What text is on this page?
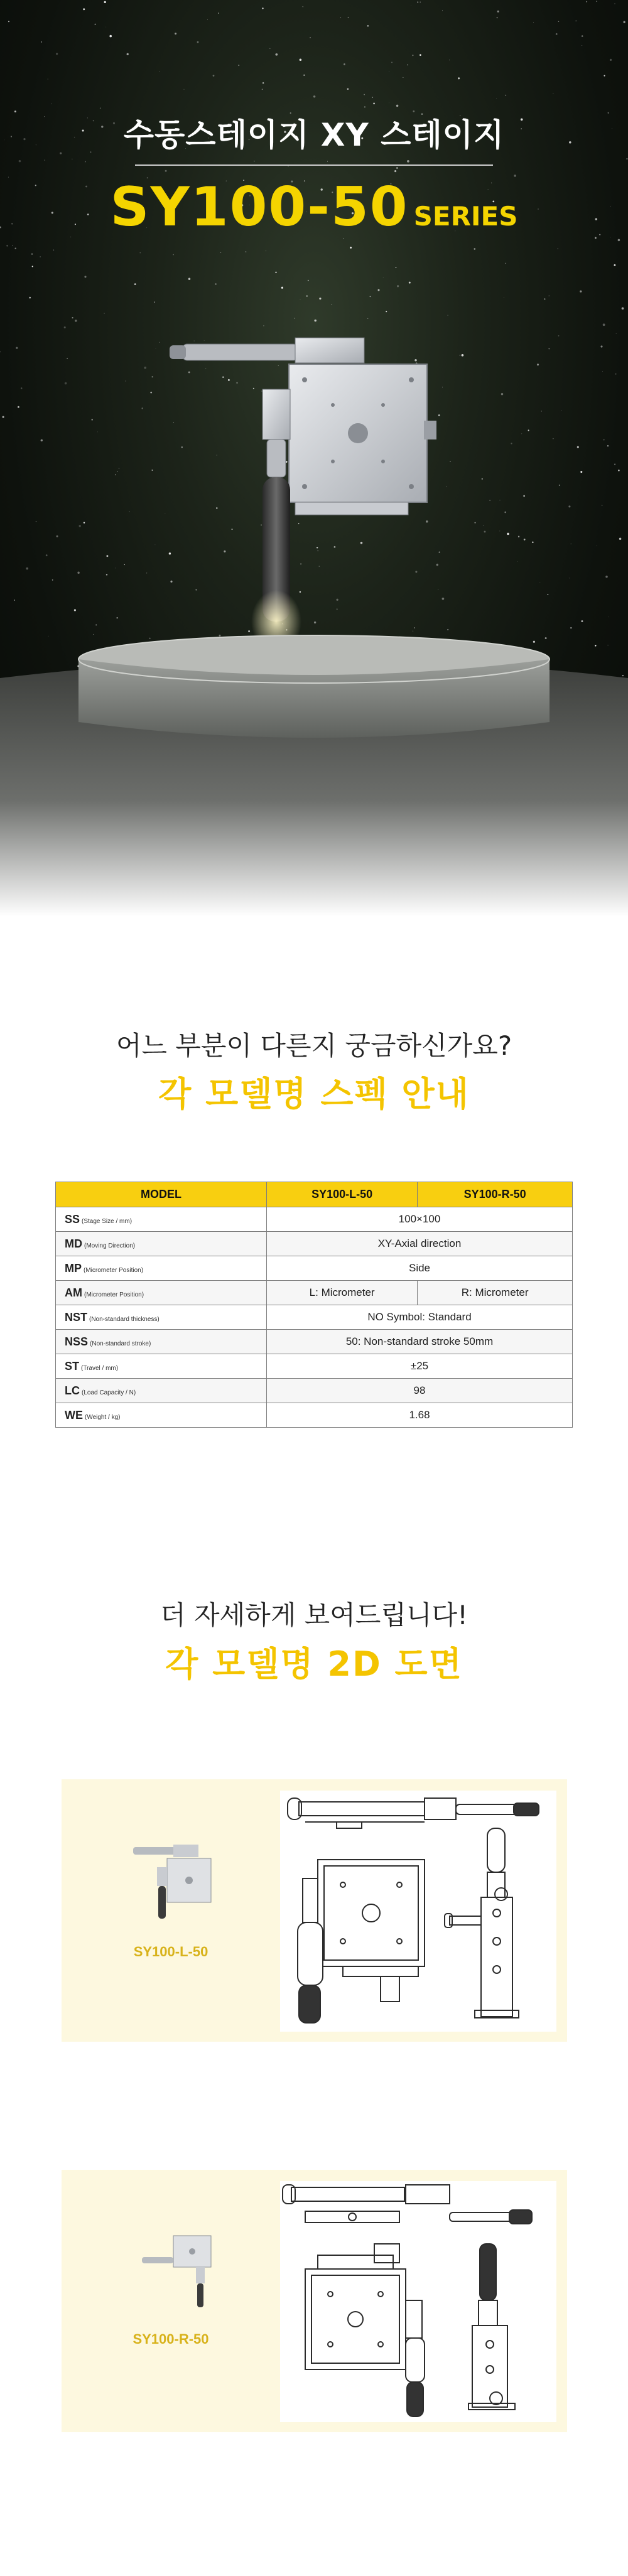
수동스테이지 XY 스테이지
SY100-50 SERIES
어느 부분이 다른지 궁금하신가요?
각 모델명 스펙 안내
MODEL	SY100-L-50	SY100-R-50
SS (Stage Size / mm)	100×100	
MD (Moving Direction)	XY-Axial direction	
MP (Micrometer Position)	Side	
AM (Micrometer Position)	L: Micrometer	R: Micrometer
NST (Non-standard thickness)	NO Symbol: Standard	
NSS (Non-standard stroke)	50: Non-standard stroke 50mm	
ST (Travel / mm)	±25	
LC (Load Capacity / N)	98	
WE (Weight / kg)	1.68	
더 자세하게 보여드립니다!
각 모델명 2D 도면
SY100-L-50
SY100-R-50
